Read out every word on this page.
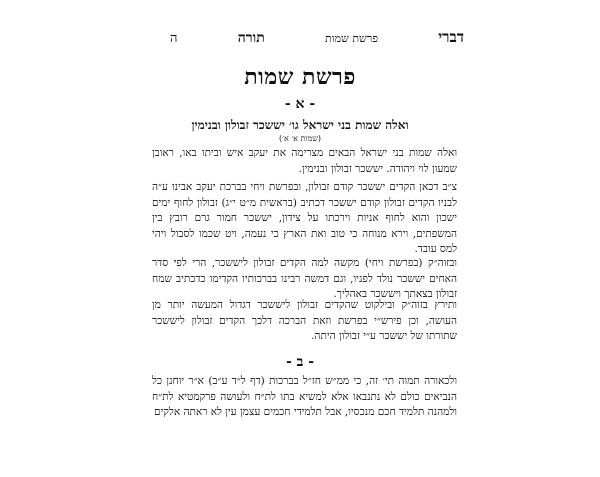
דברי
פרשת שמות
תורה
ה
פרשת שמות
- א -
ואלה שמות בני ישראל גו׳ יששכר זבולון ובנימין
(שמות א׳ א׳)
ואלה שמות בני ישראל הבאים מצרימה את יעקב איש וביתו באו, ראובן שמעון לוי ויהודה. יששכר זבולון ובנימין.
צ״ב דכאן הקדים יששכר קודם זבולון, ובפרשת ויחי בברכת יעקב אבינו ע״ה לבניו הקדים זבולון קודם יששכר דכתיב (בראשית מ״ט י״ג) זבולון לחוף ימים ישכון והוא לחוף אניות וירכתו על צידון, יששכר חמור גרם רובץ בין המשפתים, וירא מנוחה כי טוב ואת הארץ כי נעמה, ויט שכמו לסבול ויהי למס עובד.
ובזוה״ק (בפרשת ויחי) מקשה למה הקדים זבולון ליששכר, הרי לפי סדר האחים יששכר נולד לפניו, וגם דמשה רבינו בברכותיו הקדימו כדכתיב שמח זבולון בצאתך ויששכר באהליך.
ותירץ בזוה״ק ובילקוט שהקדים זבולון ליששכר דגדול המעשה יותר מן העושה, וכן פירש״י בפרשת וזאת הברכה דלכך הקדים זבולון ליששכר שתורתו של יששכר ע״י זבולון היתה.
- ב -
ולכאורה תמוה תי׳ זה, כי ממ״ש חז״ל בברכות (דף ל״ד ע״ב) א״ר יוחנן כל הנביאים כולם לא נתנבאו אלא למשיא בתו לת״ח ולעושה פרקמטיא לת״ח ולמהנה תלמיד חכם מנכסיו, אבל תלמידי חכמים עצמן עין לא ראתה אלקים
